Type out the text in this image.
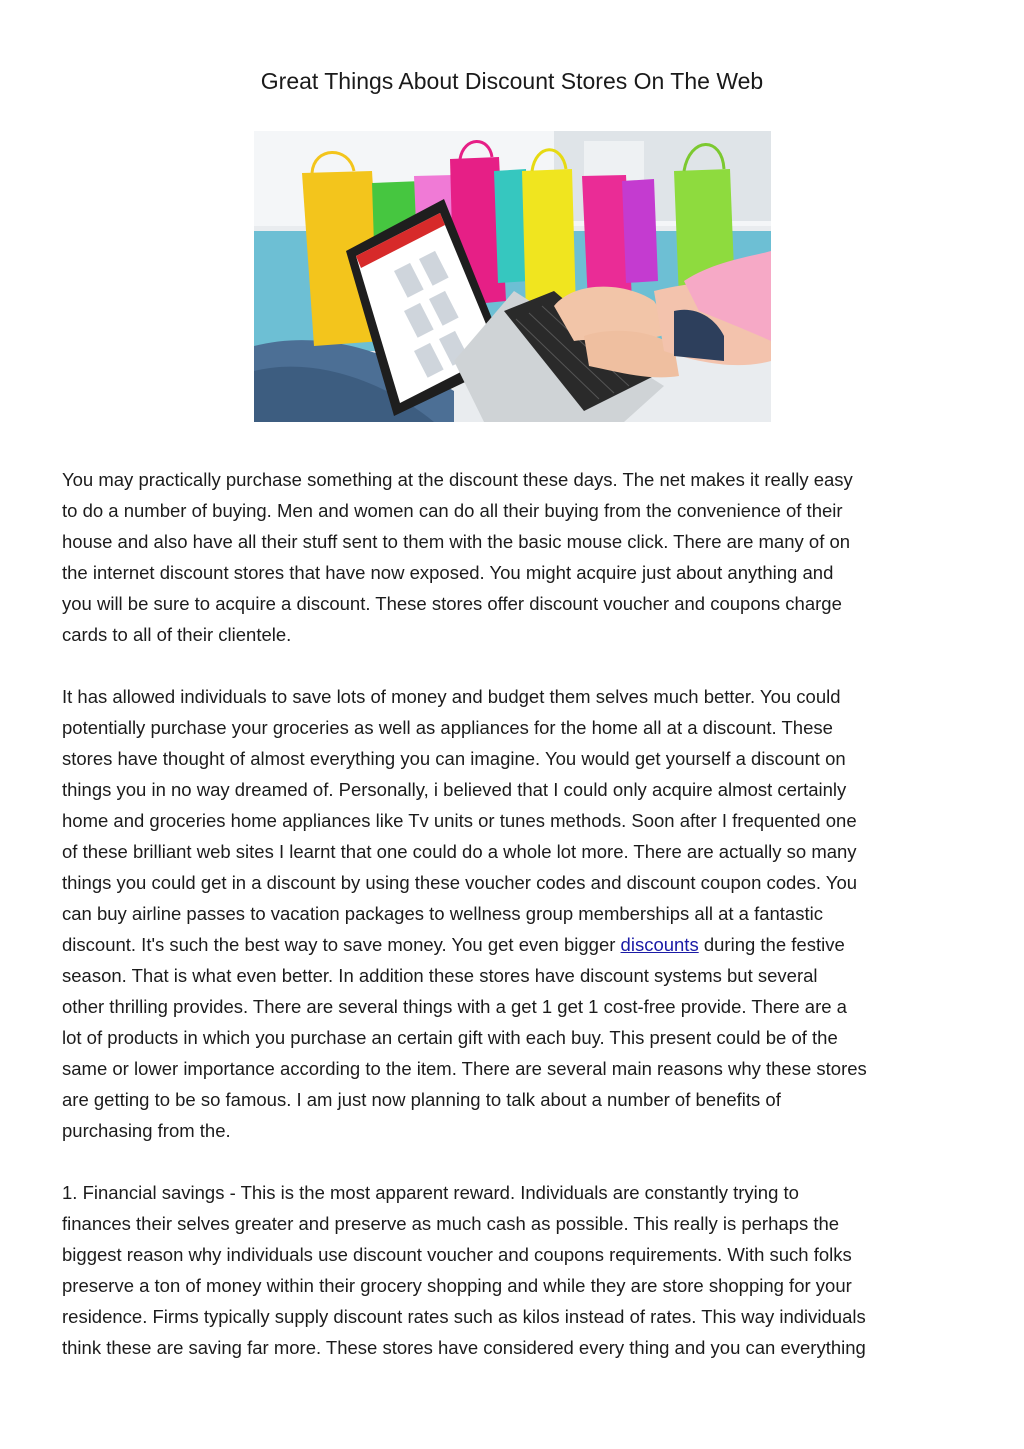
Great Things About Discount Stores On The Web

You may practically purchase something at the discount these days. The net makes it really easy
to do a number of buying. Men and women can do all their buying from the convenience of their
house and also have all their stuff sent to them with the basic mouse click. There are many of on
the internet discount stores that have now exposed. You might acquire just about anything and
you will be sure to acquire a discount. These stores offer discount voucher and coupons charge
cards to all of their clientele.

It has allowed individuals to save lots of money and budget them selves much better. You could
potentially purchase your groceries as well as appliances for the home all at a discount. These
stores have thought of almost everything you can imagine. You would get yourself a discount on
things you in no way dreamed of. Personally, i believed that I could only acquire almost certainly
home and groceries home appliances like Tv units or tunes methods. Soon after I frequented one
of these brilliant web sites I learnt that one could do a whole lot more. There are actually so many
things you could get in a discount by using these voucher codes and discount coupon codes. You
can buy airline passes to vacation packages to wellness group memberships all at a fantastic
discount. It's such the best way to save money. You get even bigger discounts during the festive
season. That is what even better. In addition these stores have discount systems but several
other thrilling provides. There are several things with a get 1 get 1 cost-free provide. There are a
lot of products in which you purchase an certain gift with each buy. This present could be of the
same or lower importance according to the item. There are several main reasons why these stores
are getting to be so famous. I am just now planning to talk about a number of benefits of
purchasing from the.

1. Financial savings - This is the most apparent reward. Individuals are constantly trying to
finances their selves greater and preserve as much cash as possible. This really is perhaps the
biggest reason why individuals use discount voucher and coupons requirements. With such folks
preserve a ton of money within their grocery shopping and while they are store shopping for your
residence. Firms typically supply discount rates such as kilos instead of rates. This way individuals
think these are saving far more. These stores have considered every thing and you can everything
